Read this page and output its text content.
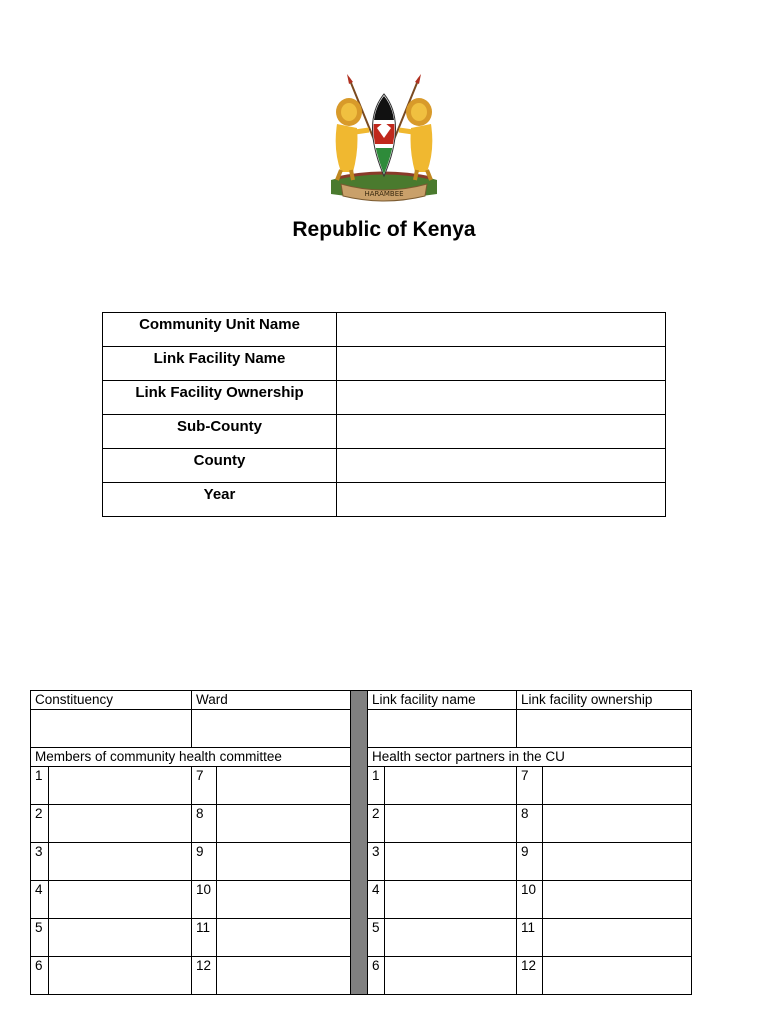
HARAMBEE
Republic of Kenya
Community Unit Name	
Link Facility Name	
Link Facility Ownership	
Sub-County	
County	
Year	
Constituency		Ward			Link facility name		Link facility ownership	

Members of community health committee					Health sector partners in the CU			
1		7			1		7	
2		8			2		8	
3		9			3		9	
4		10			4		10	
5		11			5		11	
6		12			6		12	
